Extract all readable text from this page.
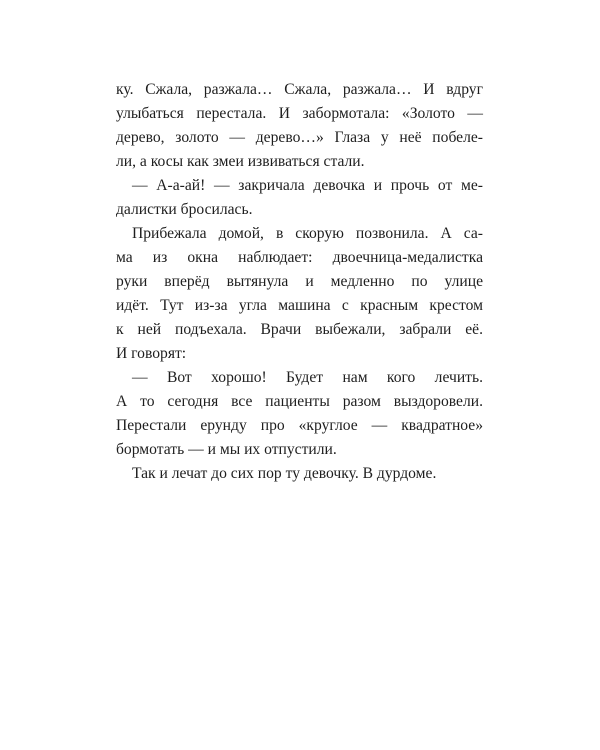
ку. Сжала, разжала… Сжала, разжала… И вдруг
улыбаться перестала. И забормотала: «Золото —
дерево, золото — дерево…» Глаза у неё побеле-
ли, а косы как змеи извиваться стали.
— А-а-ай! — закричала девочка и прочь от ме-
далистки бросилась.
Прибежала домой, в скорую позвонила. А са-
ма из окна наблюдает: двоечница-медалистка
руки вперёд вытянула и медленно по улице
идёт. Тут из-за угла машина с красным крестом
к ней подъехала. Врачи выбежали, забрали её.
И говорят:
— Вот хорошо! Будет нам кого лечить.
А то сегодня все пациенты разом выздоровели.
Перестали ерунду про «круглое — квадратное»
бормотать — и мы их отпустили.
Так и лечат до сих пор ту девочку. В дурдоме.
